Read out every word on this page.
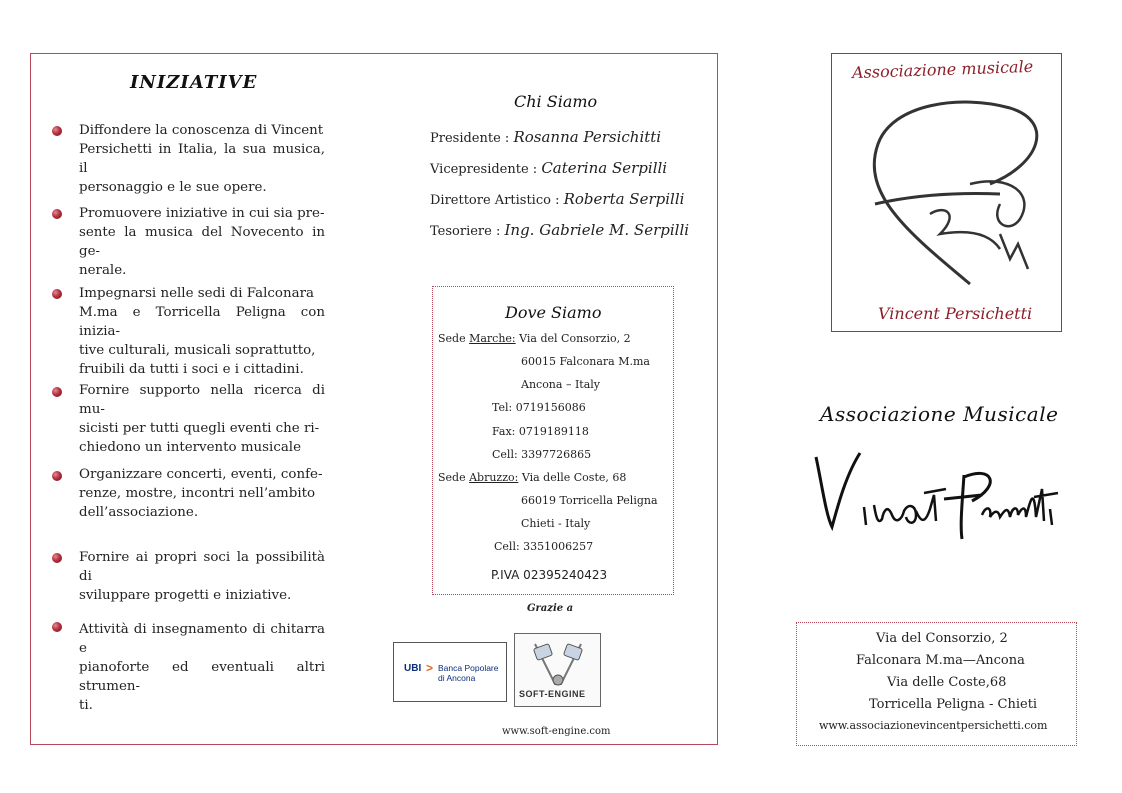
INIZIATIVE
Diffondere la conoscenza di Vincent
Persichetti in Italia, la sua musica, il
personaggio e le sue opere.
Promuovere iniziative in cui sia pre-
sente la musica del Novecento in ge-
nerale.
Impegnarsi nelle sedi di Falconara
M.ma e Torricella Peligna con inizia-
tive culturali, musicali soprattutto,
fruibili da tutti i soci e i cittadini.
Fornire supporto nella ricerca di mu-
sicisti per tutti quegli eventi che ri-
chiedono un intervento musicale
Organizzare concerti, eventi, confe-
renze, mostre, incontri nell’ambito
dell’associazione.
Fornire ai propri soci la possibilità di
sviluppare progetti e iniziative.
Attività di insegnamento di chitarra e
pianoforte ed eventuali altri strumen-
ti.
Chi Siamo
Presidente : Rosanna Persichitti
Vicepresidente : Caterina Serpilli
Direttore Artistico : Roberta Serpilli
Tesoriere : Ing. Gabriele M. Serpilli
Dove Siamo
Sede Marche: Via del Consorzio, 2
60015 Falconara M.ma
Ancona – Italy
Tel: 0719156086
Fax: 0719189118
Cell: 3397726865
Sede Abruzzo: Via delle Coste, 68
66019 Torricella Peligna
Chieti - Italy
Cell: 3351006257
P.IVA 02395240423
Grazie a
UBI > Banca Popolare
di Ancona
SOFT-ENGINE
www.soft-engine.com
Associazione musicale
Vincent Persichetti
Associazione Musicale
Via del Consorzio, 2
Falconara M.ma—Ancona
Via delle Coste,68
Torricella Peligna - Chieti
www.associazionevincentpersichetti.com
